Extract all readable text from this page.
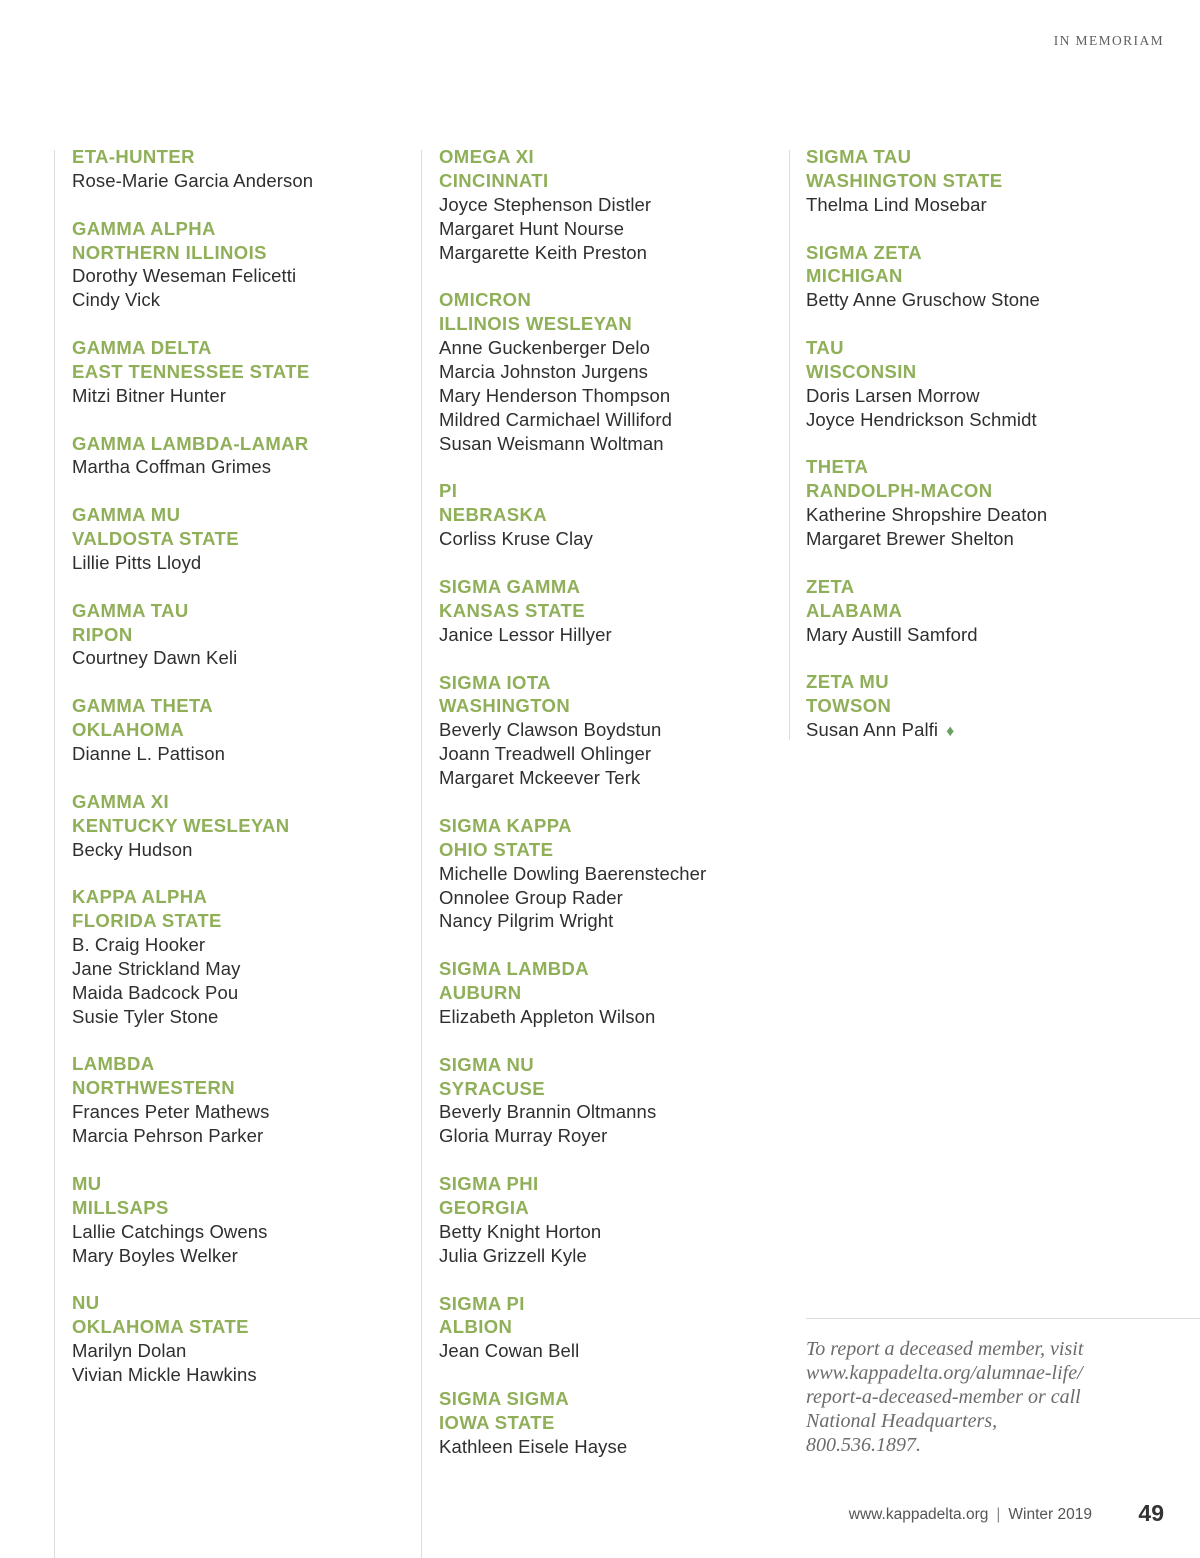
IN MEMORIAM
ETA-HUNTER
Rose-Marie Garcia Anderson
GAMMA ALPHA
NORTHERN ILLINOIS
Dorothy Weseman Felicetti
Cindy Vick
GAMMA DELTA
EAST TENNESSEE STATE
Mitzi Bitner Hunter
GAMMA LAMBDA-LAMAR
Martha Coffman Grimes
GAMMA MU
VALDOSTA STATE
Lillie Pitts Lloyd
GAMMA TAU
RIPON
Courtney Dawn Keli
GAMMA THETA
OKLAHOMA
Dianne L. Pattison
GAMMA XI
KENTUCKY WESLEYAN
Becky Hudson
KAPPA ALPHA
FLORIDA STATE
B. Craig Hooker
Jane Strickland May
Maida Badcock Pou
Susie Tyler Stone
LAMBDA
NORTHWESTERN
Frances Peter Mathews
Marcia Pehrson Parker
MU
MILLSAPS
Lallie Catchings Owens
Mary Boyles Welker
NU
OKLAHOMA STATE
Marilyn Dolan
Vivian Mickle Hawkins
OMEGA XI
CINCINNATI
Joyce Stephenson Distler
Margaret Hunt Nourse
Margarette Keith Preston
OMICRON
ILLINOIS WESLEYAN
Anne Guckenberger Delo
Marcia Johnston Jurgens
Mary Henderson Thompson
Mildred Carmichael Williford
Susan Weismann Woltman
PI
NEBRASKA
Corliss Kruse Clay
SIGMA GAMMA
KANSAS STATE
Janice Lessor Hillyer
SIGMA IOTA
WASHINGTON
Beverly Clawson Boydstun
Joann Treadwell Ohlinger
Margaret Mckeever Terk
SIGMA KAPPA
OHIO STATE
Michelle Dowling Baerenstecher
Onnolee Group Rader
Nancy Pilgrim Wright
SIGMA LAMBDA
AUBURN
Elizabeth Appleton Wilson
SIGMA NU
SYRACUSE
Beverly Brannin Oltmanns
Gloria Murray Royer
SIGMA PHI
GEORGIA
Betty Knight Horton
Julia Grizzell Kyle
SIGMA PI
ALBION
Jean Cowan Bell
SIGMA SIGMA
IOWA STATE
Kathleen Eisele Hayse
SIGMA TAU
WASHINGTON STATE
Thelma Lind Mosebar
SIGMA ZETA
MICHIGAN
Betty Anne Gruschow Stone
TAU
WISCONSIN
Doris Larsen Morrow
Joyce Hendrickson Schmidt
THETA
RANDOLPH-MACON
Katherine Shropshire Deaton
Margaret Brewer Shelton
ZETA
ALABAMA
Mary Austill Samford
ZETA MU
TOWSON
Susan Ann Palfi ♦
To report a deceased member, visit
www.kappadelta.org/alumnae-life/
report-a-deceased-member or call
National Headquarters,
800.536.1897.
www.kappadelta.org | Winter 2019 49
